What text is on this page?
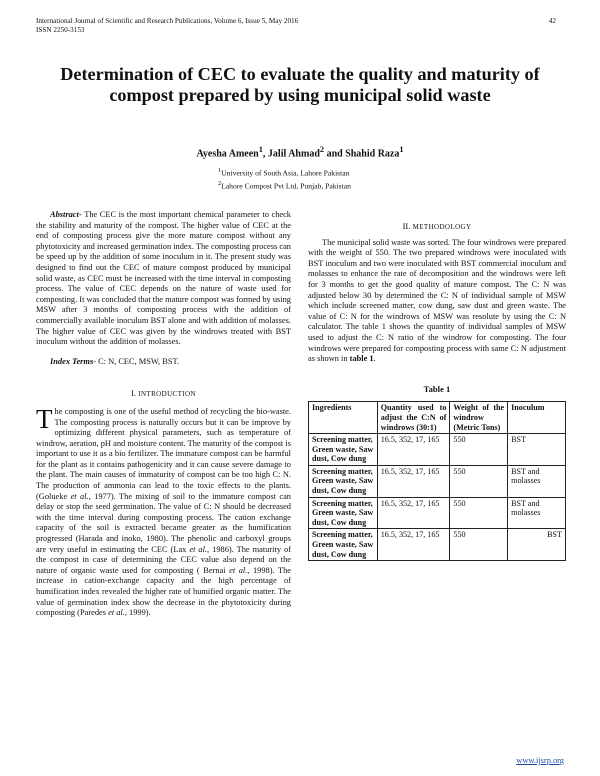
International Journal of Scientific and Research Publications, Volume 6, Issue 5, May 2016
ISSN 2250-3153
42
Determination of CEC to evaluate the quality and maturity of compost prepared by using municipal solid waste
Ayesha Ameen$^1$, Jalil Ahmad$^2$ and Shahid Raza$^1$
$^1$University of South Asia, Lahore Pakistan
$^2$Lahore Compost Pvt Ltd, Punjab, Pakistan

Abstract- The CEC is the most important chemical parameter to check the stability and maturity of the compost. The higher value of CEC at the end of composting process give the more mature compost without any phytotoxicity and increased germination index. The composting process can be speed up by the addition of some inoculum in it. The present study was designed to find out the CEC of mature compost produced by municipal solid waste, as CEC must be increased with the time interval in composting process. The value of CEC depends on the nature of waste used for composting. It was concluded that the mature compost was formed by using MSW after 3 months of composting process with the addition of commercially available inoculum BST alone and with addition of molasses. The higher value of CEC was given by the windrows treated with BST inoculum without the addition of molasses.

Index Terms- C: N, CEC, MSW, BST.

I. INTRODUCTION

The composting is one of the useful method of recycling the bio-waste. The composting process is naturally occurs but it can be improve by optimizing different physical parameters, such as temperature of windrow, aeration, pH and moisture content. The maturity of the compost is important to use it as a bio fertilizer. The immature compost can be harmful for the plant as it contains pathogenicity and it can cause severe damage to the plant. The main causes of immaturity of compost can be too high C: N. The production of ammonia can lead to the toxic effects to the plants. (Golueke et al., 1977). The mixing of soil to the immature compost can delay or stop the seed germination. The value of C: N should be decreased with the time interval during composting process. The cation exchange capacity of the soil is extracted became greater as the humification progressed (Harada and inoko, 1980). The phenolic and carboxyl groups are very useful in estimating the CEC (Lax et al., 1986). The maturity of the compost in case of determining the CEC value also depend on the nature of organic waste used for composting ( Bernai et al., 1998). The increase in cation-exchange capacity and the high percentage of humification index revealed the higher rate of humified organic matter. The value of germination index show the decrease in the phytotoxicity during composting (Paredes et al., 1999).

II. METHODOLOGY

The municipal solid waste was sorted. The four windrows were prepared with the weight of 550. The two prepared windrows were inoculated with BST inoculum and two were inoculated with BST commercial inoculum and molasses to enhance the rate of decomposition and the windrows were left for 3 months to get the good quality of mature compost. The C: N was adjusted below 30 by determined the C: N of individual sample of MSW which include screened matter, cow dung, saw dust and green waste. The value of C: N for the windrows of MSW was resolute by using the C: N calculator. The table 1 shows the quantity of individual samples of MSW used to adjust the C: N ratio of the windrow for composting. The four windrows were prepared for composting process with same C: N adjustment as shown in table 1.

Table 1

Ingredients	Quantity used to adjust the C:N of windrows (30:1)	Weight of the windrow (Metric Tons)	Inoculum
Screening matter, Green waste, Saw dust, Cow dung	16.5, 352, 17, 165	550	BST
Screening matter, Green waste, Saw dust, Cow dung	16.5, 352, 17, 165	550	BST and molasses
Screening matter, Green waste, Saw dust, Cow dung	16.5, 352, 17, 165	550	BST and molasses
Screening matter, Green waste, Saw dust, Cow dung	16.5, 352, 17, 165	550	BST
www.ijsrp.org
